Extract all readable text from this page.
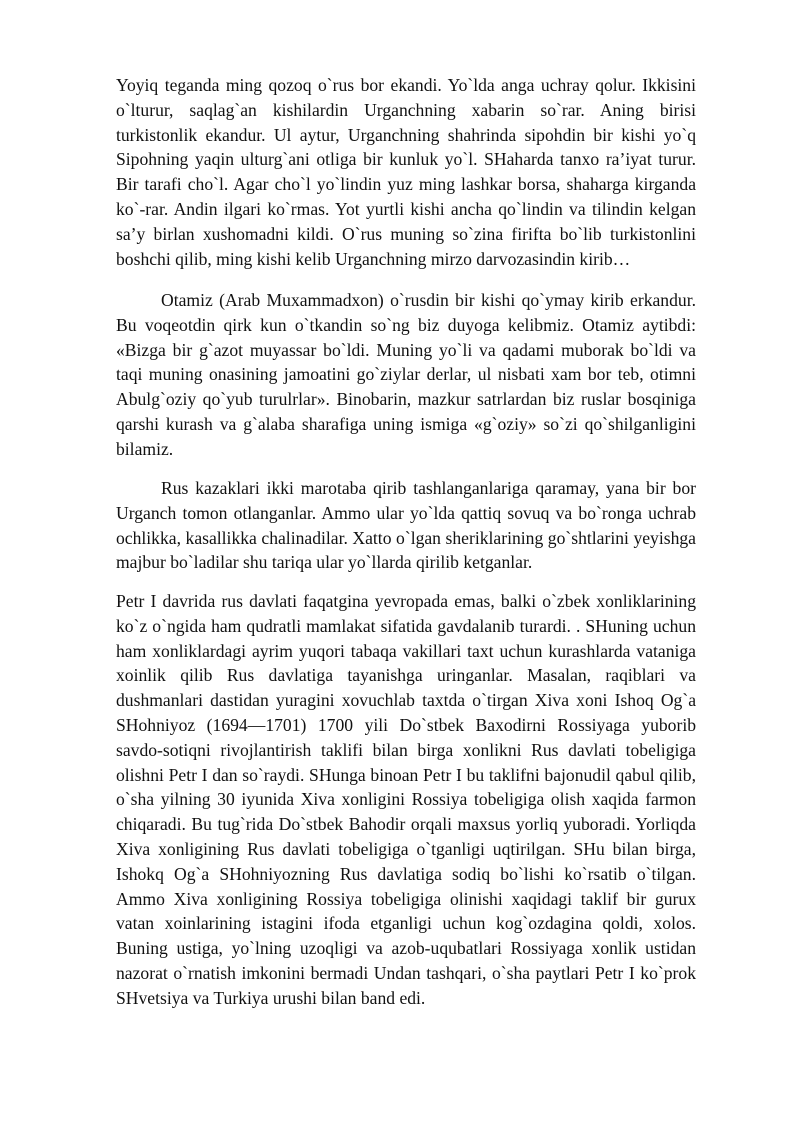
Yoyiq teganda ming qozoq o`rus bor ekandi. Yo`lda anga uchray qolur. Ikkisini o`lturur, saqlag`an kishilardin Urganchning xabarin so`rar. Aning birisi turkistonlik ekandur. Ul aytur, Urganchning shahrinda sipohdin bir kishi yo`q Sipohning yaqin ulturg`ani otliga bir kunluk yo`l. SHaharda tanxo ra’iyat turur. Bir tarafi cho`l. Agar cho`l yo`lindin yuz ming lashkar borsa, shaharga kirganda ko`-rar. Andin ilgari ko`rmas. Yot yurtli kishi ancha qo`lindin va tilindin kelgan sa’y birlan xushomadni kildi. O`rus muning so`zina firifta bo`lib turkistonlini boshchi qilib, ming kishi kelib Urganchning mirzo darvozasindin kirib…

Otamiz (Arab Muxammadxon) o`rusdin bir kishi qo`ymay kirib erkandur. Bu voqeotdin qirk kun o`tkandin so`ng biz duyoga kelibmiz. Otamiz aytibdi: «Bizga bir g`azot muyassar bo`ldi. Muning yo`li va qadami muborak bo`ldi va taqi muning onasining jamoatini go`ziylar derlar, ul nisbati xam bor teb, otimni Abulg`oziy qo`yub turulrlar». Binobarin, mazkur satrlardan biz ruslar bosqiniga qarshi kurash va g`alaba sharafiga uning ismiga «g`oziy» so`zi qo`shilganligini bilamiz.

Rus kazaklari ikki marotaba qirib tashlanganlariga qaramay, yana bir bor Urganch tomon otlanganlar. Ammo ular yo`lda qattiq sovuq va bo`ronga uchrab ochlikka, kasallikka chalinadilar. Xatto o`lgan sheriklarining go`shtlarini yeyishga majbur bo`ladilar shu tariqa ular yo`llarda qirilib ketganlar.

Petr I davrida rus davlati faqatgina yevropada emas, balki o`zbek xonliklarining ko`z o`ngida ham qudratli mamlakat sifatida gavdalanib turardi. . SHuning uchun ham xonliklardagi ayrim yuqori tabaqa vakillari taxt uchun kurashlarda vataniga xoinlik qilib Rus davlatiga tayanishga uringanlar. Masalan, raqiblari va dushmanlari dastidan yuragini xovuchlab taxtda o`tirgan Xiva xoni Ishoq Og`a SHohniyoz (1694—1701) 1700 yili Do`stbek Baxodirni Rossiyaga yuborib savdo-sotiqni rivojlantirish taklifi bilan birga xonlikni Rus davlati tobeligiga olishni Petr I dan so`raydi. SHunga binoan Petr I bu taklifni bajonudil qabul qilib, o`sha yilning 30 iyunida Xiva xonligini Rossiya tobeligiga olish xaqida farmon chiqaradi. Bu tug`rida Do`stbek Bahodir orqali maxsus yorliq yuboradi. Yorliqda Xiva xonligining Rus davlati tobeligiga o`tganligi uqtirilgan. SHu bilan birga, Ishokq Og`a SHohniyozning Rus davlatiga sodiq bo`lishi ko`rsatib o`tilgan. Ammo Xiva xonligining Rossiya tobeligiga olinishi xaqidagi taklif bir gurux vatan xoinlarining istagini ifoda etganligi uchun kog`ozdagina qoldi, xolos. Buning ustiga, yo`lning uzoqligi va azob-uqubatlari Rossiyaga xonlik ustidan nazorat o`rnatish imkonini bermadi Undan tashqari, o`sha paytlari Petr I ko`prok SHvetsiya va Turkiya urushi bilan band edi.
